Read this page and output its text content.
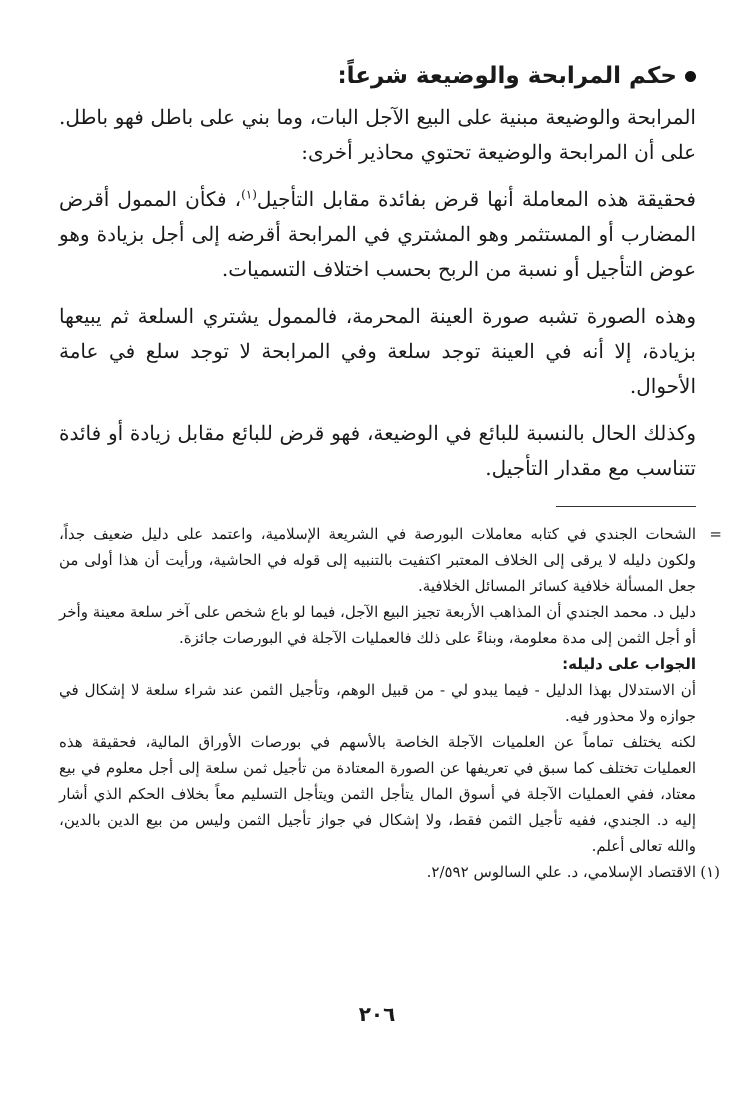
حكم المرابحة والوضيعة شرعاً:

المرابحة والوضيعة مبنية على البيع الآجل البات، وما بني على باطل فهو باطل. على أن المرابحة والوضيعة تحتوي محاذير أخرى:

فحقيقة هذه المعاملة أنها قرض بفائدة مقابل التأجيل$^{(١)}$، فكأن الممول أقرض المضارب أو المستثمر وهو المشتري في المرابحة أقرضه إلى أجل بزيادة وهو عوض التأجيل أو نسبة من الربح بحسب اختلاف التسميات.

وهذه الصورة تشبه صورة العينة المحرمة، فالممول يشتري السلعة ثم يبيعها بزيادة، إلا أنه في العينة توجد سلعة وفي المرابحة لا توجد سلع في عامة الأحوال.

وكذلك الحال بالنسبة للبائع في الوضيعة، فهو قرض للبائع مقابل زيادة أو فائدة تتناسب مع مقدار التأجيل.

=

الشحات الجندي في كتابه معاملات البورصة في الشريعة الإسلامية، واعتمد على دليل ضعيف جداً، ولكون دليله لا يرقى إلى الخلاف المعتبر اكتفيت بالتنبيه إلى قوله في الحاشية، ورأيت أن هذا أولى من جعل المسألة خلافية كسائر المسائل الخلافية.

دليل د. محمد الجندي أن المذاهب الأربعة تجيز البيع الآجل، فيما لو باع شخص على آخر سلعة معينة وأخر أو أجل الثمن إلى مدة معلومة، وبناءً على ذلك فالعمليات الآجلة في البورصات جائزة.

الجواب على دليله:

أن الاستدلال بهذا الدليل - فيما يبدو لي - من قبيل الوهم، وتأجيل الثمن عند شراء سلعة لا إشكال في جوازه ولا محذور فيه.

لكنه يختلف تماماً عن العلميات الآجلة الخاصة بالأسهم في بورصات الأوراق المالية، فحقيقة هذه العمليات تختلف كما سبق في تعريفها عن الصورة المعتادة من تأجيل ثمن سلعة إلى أجل معلوم في بيع معتاد، ففي العمليات الآجلة في أسوق المال يتأجل الثمن ويتأجل التسليم معاً بخلاف الحكم الذي أشار إليه د. الجندي، ففيه تأجيل الثمن فقط، ولا إشكال في جواز تأجيل الثمن وليس من بيع الدين بالدين، والله تعالى أعلم.

(١)
الاقتصاد الإسلامي، د. علي السالوس ٢/٥٩٢.

٢٠٦
